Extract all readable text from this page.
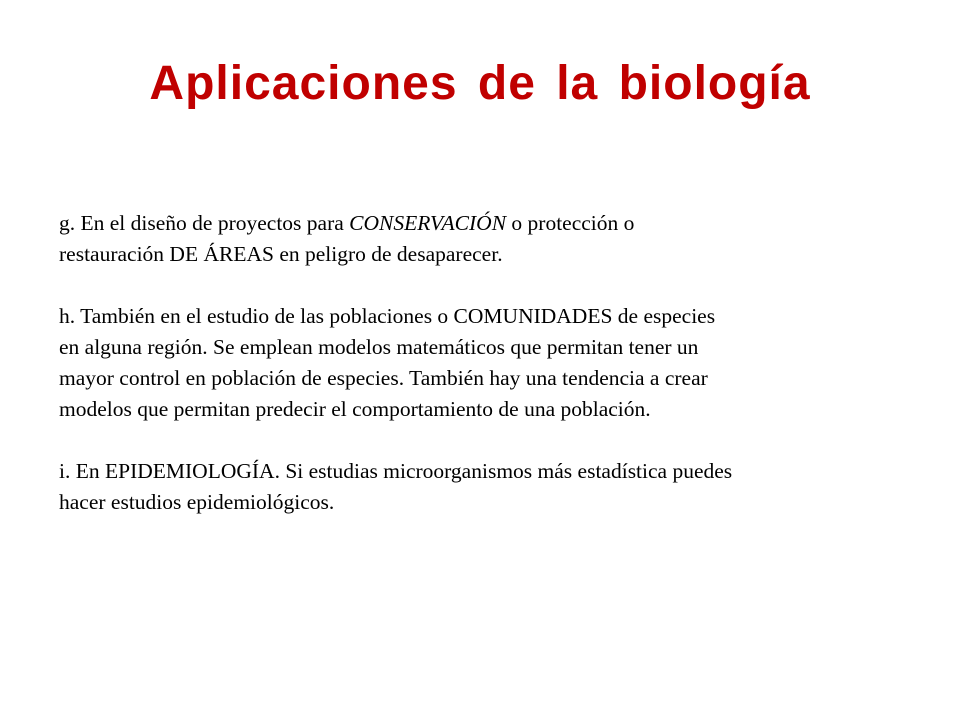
Aplicaciones de la biología

g. En el diseño de proyectos para CONSERVACIÓN o protección o
restauración DE ÁREAS en peligro de desaparecer.

h. También en el estudio de las poblaciones o COMUNIDADES de especies
en alguna región. Se emplean modelos matemáticos que permitan tener un
mayor control en población de especies. También hay una tendencia a crear
modelos que permitan predecir el comportamiento de una población.

i. En EPIDEMIOLOGÍA. Si estudias microorganismos más estadística puedes
hacer estudios epidemiológicos.
